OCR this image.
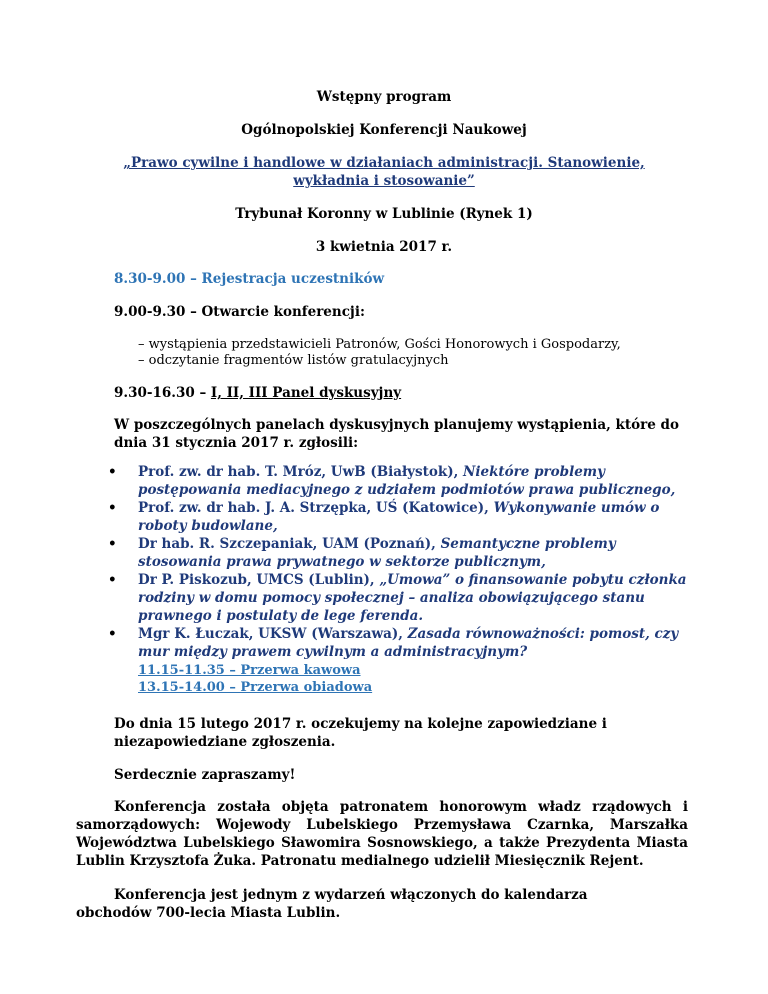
Wstępny program
Ogólnopolskiej Konferencji Naukowej
„Prawo cywilne i handlowe w działaniach administracji. Stanowienie, wykładnia i stosowanie”
Trybunał Koronny w Lublinie (Rynek 1)
3 kwietnia 2017 r.
8.30-9.00 – Rejestracja uczestników
9.00-9.30 – Otwarcie konferencji:
– wystąpienia przedstawicieli Patronów, Gości Honorowych i Gospodarzy,
– odczytanie fragmentów listów gratulacyjnych
9.30-16.30 – I, II, III Panel dyskusyjny
W poszczególnych panelach dyskusyjnych planujemy wystąpienia, które do dnia 31 stycznia 2017 r. zgłosili:
• Prof. zw. dr hab. T. Mróz, UwB (Białystok), Niektóre problemy postępowania mediacyjnego z udziałem podmiotów prawa publicznego,
• Prof. zw. dr hab. J. A. Strzępka, UŚ (Katowice), Wykonywanie umów o roboty budowlane,
• Dr hab. R. Szczepaniak, UAM (Poznań), Semantyczne problemy stosowania prawa prywatnego w sektorze publicznym,
• Dr P. Piskozub, UMCS (Lublin), „Umowa” o finansowanie pobytu członka rodziny w domu pomocy społecznej – analiza obowiązującego stanu prawnego i postulaty de lege ferenda.
• Mgr K. Łuczak, UKSW (Warszawa), Zasada równoważności: pomost, czy mur między prawem cywilnym a administracyjnym?
11.15-11.35 – Przerwa kawowa
13.15-14.00 – Przerwa obiadowa
Do dnia 15 lutego 2017 r. oczekujemy na kolejne zapowiedziane i niezapowiedziane zgłoszenia.
Serdecznie zapraszamy!
Konferencja została objęta patronatem honorowym władz rządowych i samorządowych: Wojewody Lubelskiego Przemysława Czarnka, Marszałka Województwa Lubelskiego Sławomira Sosnowskiego, a także Prezydenta Miasta Lublin Krzysztofa Żuka. Patronatu medialnego udzielił Miesięcznik Rejent.
Konferencja jest jednym z wydarzeń włączonych do kalendarza obchodów 700-lecia Miasta Lublin.
